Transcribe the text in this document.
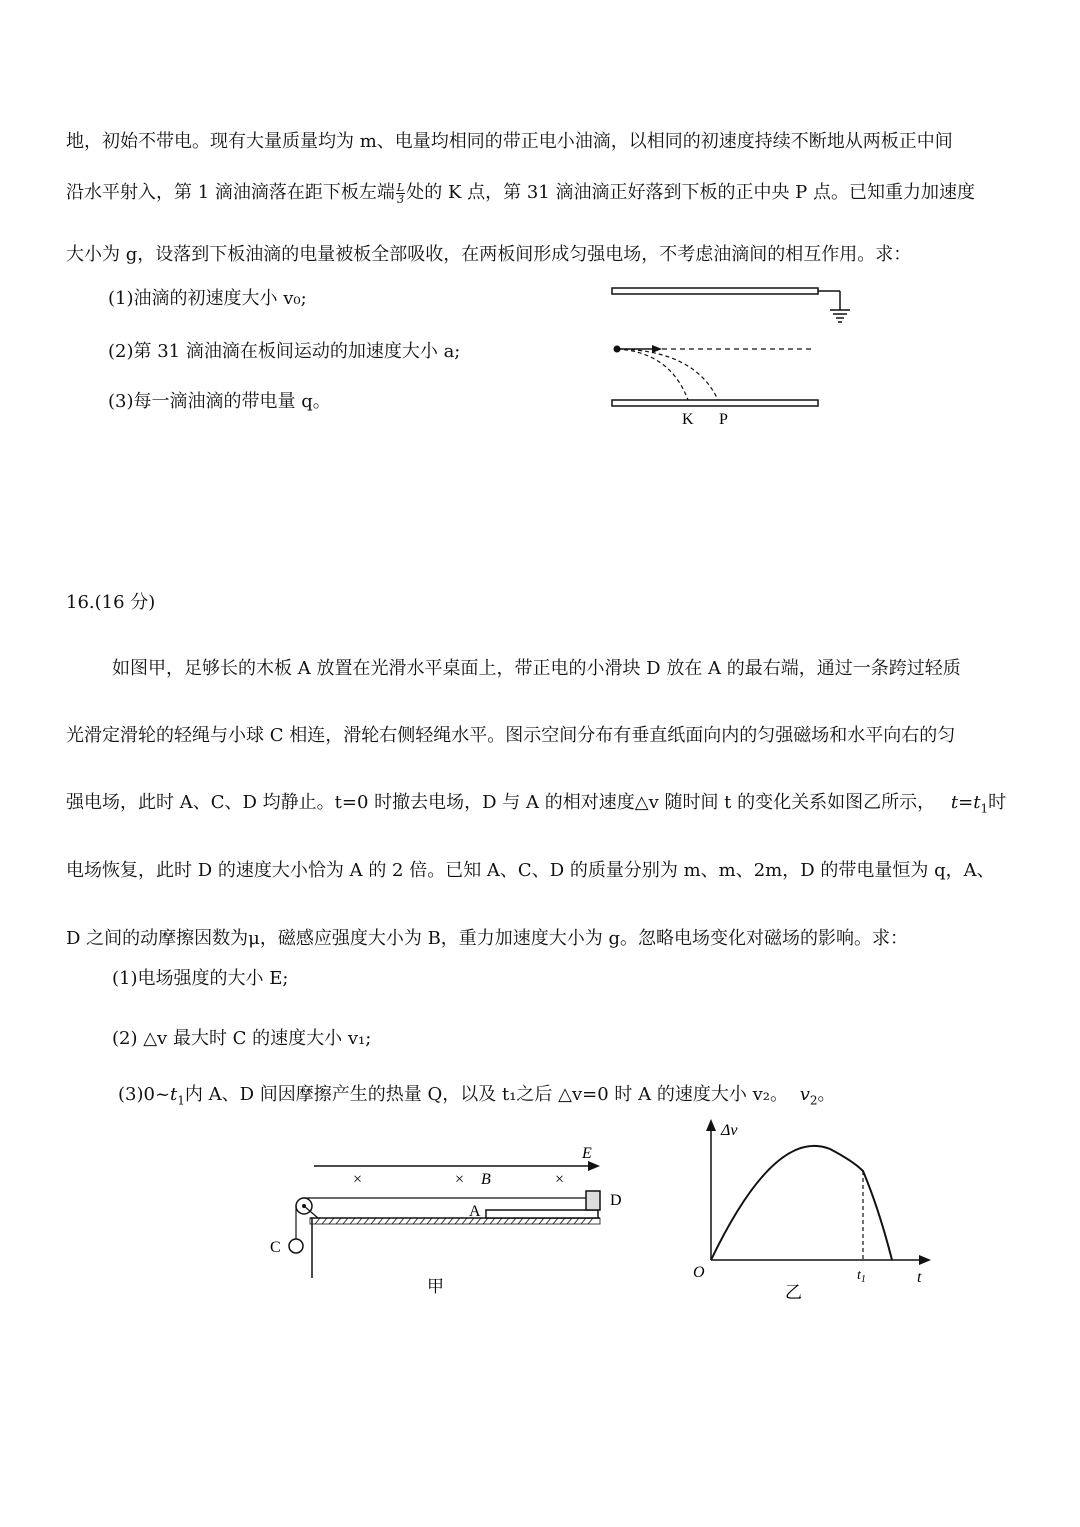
地，初始不带电。现有大量质量均为 m、电量均相同的带正电小油滴，以相同的初速度持续不断地从两板正中间
沿水平射入，第 1 滴油滴落在距下板左端 $\frac{L}{3}$ 处的 K 点，第 31 滴油滴正好落到下板的正中央 P 点。已知重力加速度
大小为 g，设落到下板油滴的电量被板全部吸收，在两板间形成匀强电场，不考虑油滴间的相互作用。求：
(1)油滴的初速度大小 v₀;
(2)第 31 滴油滴在板间运动的加速度大小 a;
(3)每一滴油滴的带电量 q。
K P
16.(16 分)
如图甲，足够长的木板 A 放置在光滑水平桌面上，带正电的小滑块 D 放在 A 的最右端，通过一条跨过轻质
光滑定滑轮的轻绳与小球 C 相连，滑轮右侧轻绳水平。图示空间分布有垂直纸面向内的匀强磁场和水平向右的匀
强电场，此时 A、C、D 均静止。t=0 时撤去电场，D 与 A 的相对速度△v 随时间 t 的变化关系如图乙所示， $t=t_1$时
电场恢复，此时 D 的速度大小恰为 A 的 2 倍。已知 A、C、D 的质量分别为 m、m、2m，D 的带电量恒为 q，A、
D 之间的动摩擦因数为μ，磁感应强度大小为 B，重力加速度大小为 g。忽略电场变化对磁场的影响。求：
(1)电场强度的大小 E;
(2) △v 最大时 C 的速度大小 v₁;
$(3)0\sim t_1$内 A、D 间因摩擦产生的热量 Q，以及 t₁之后 △v=0 时 A 的速度大小 v₂。 $v_2$。
E
×	×	×
B
A
D
C
甲
Δv
t
O	$t_1$
乙
